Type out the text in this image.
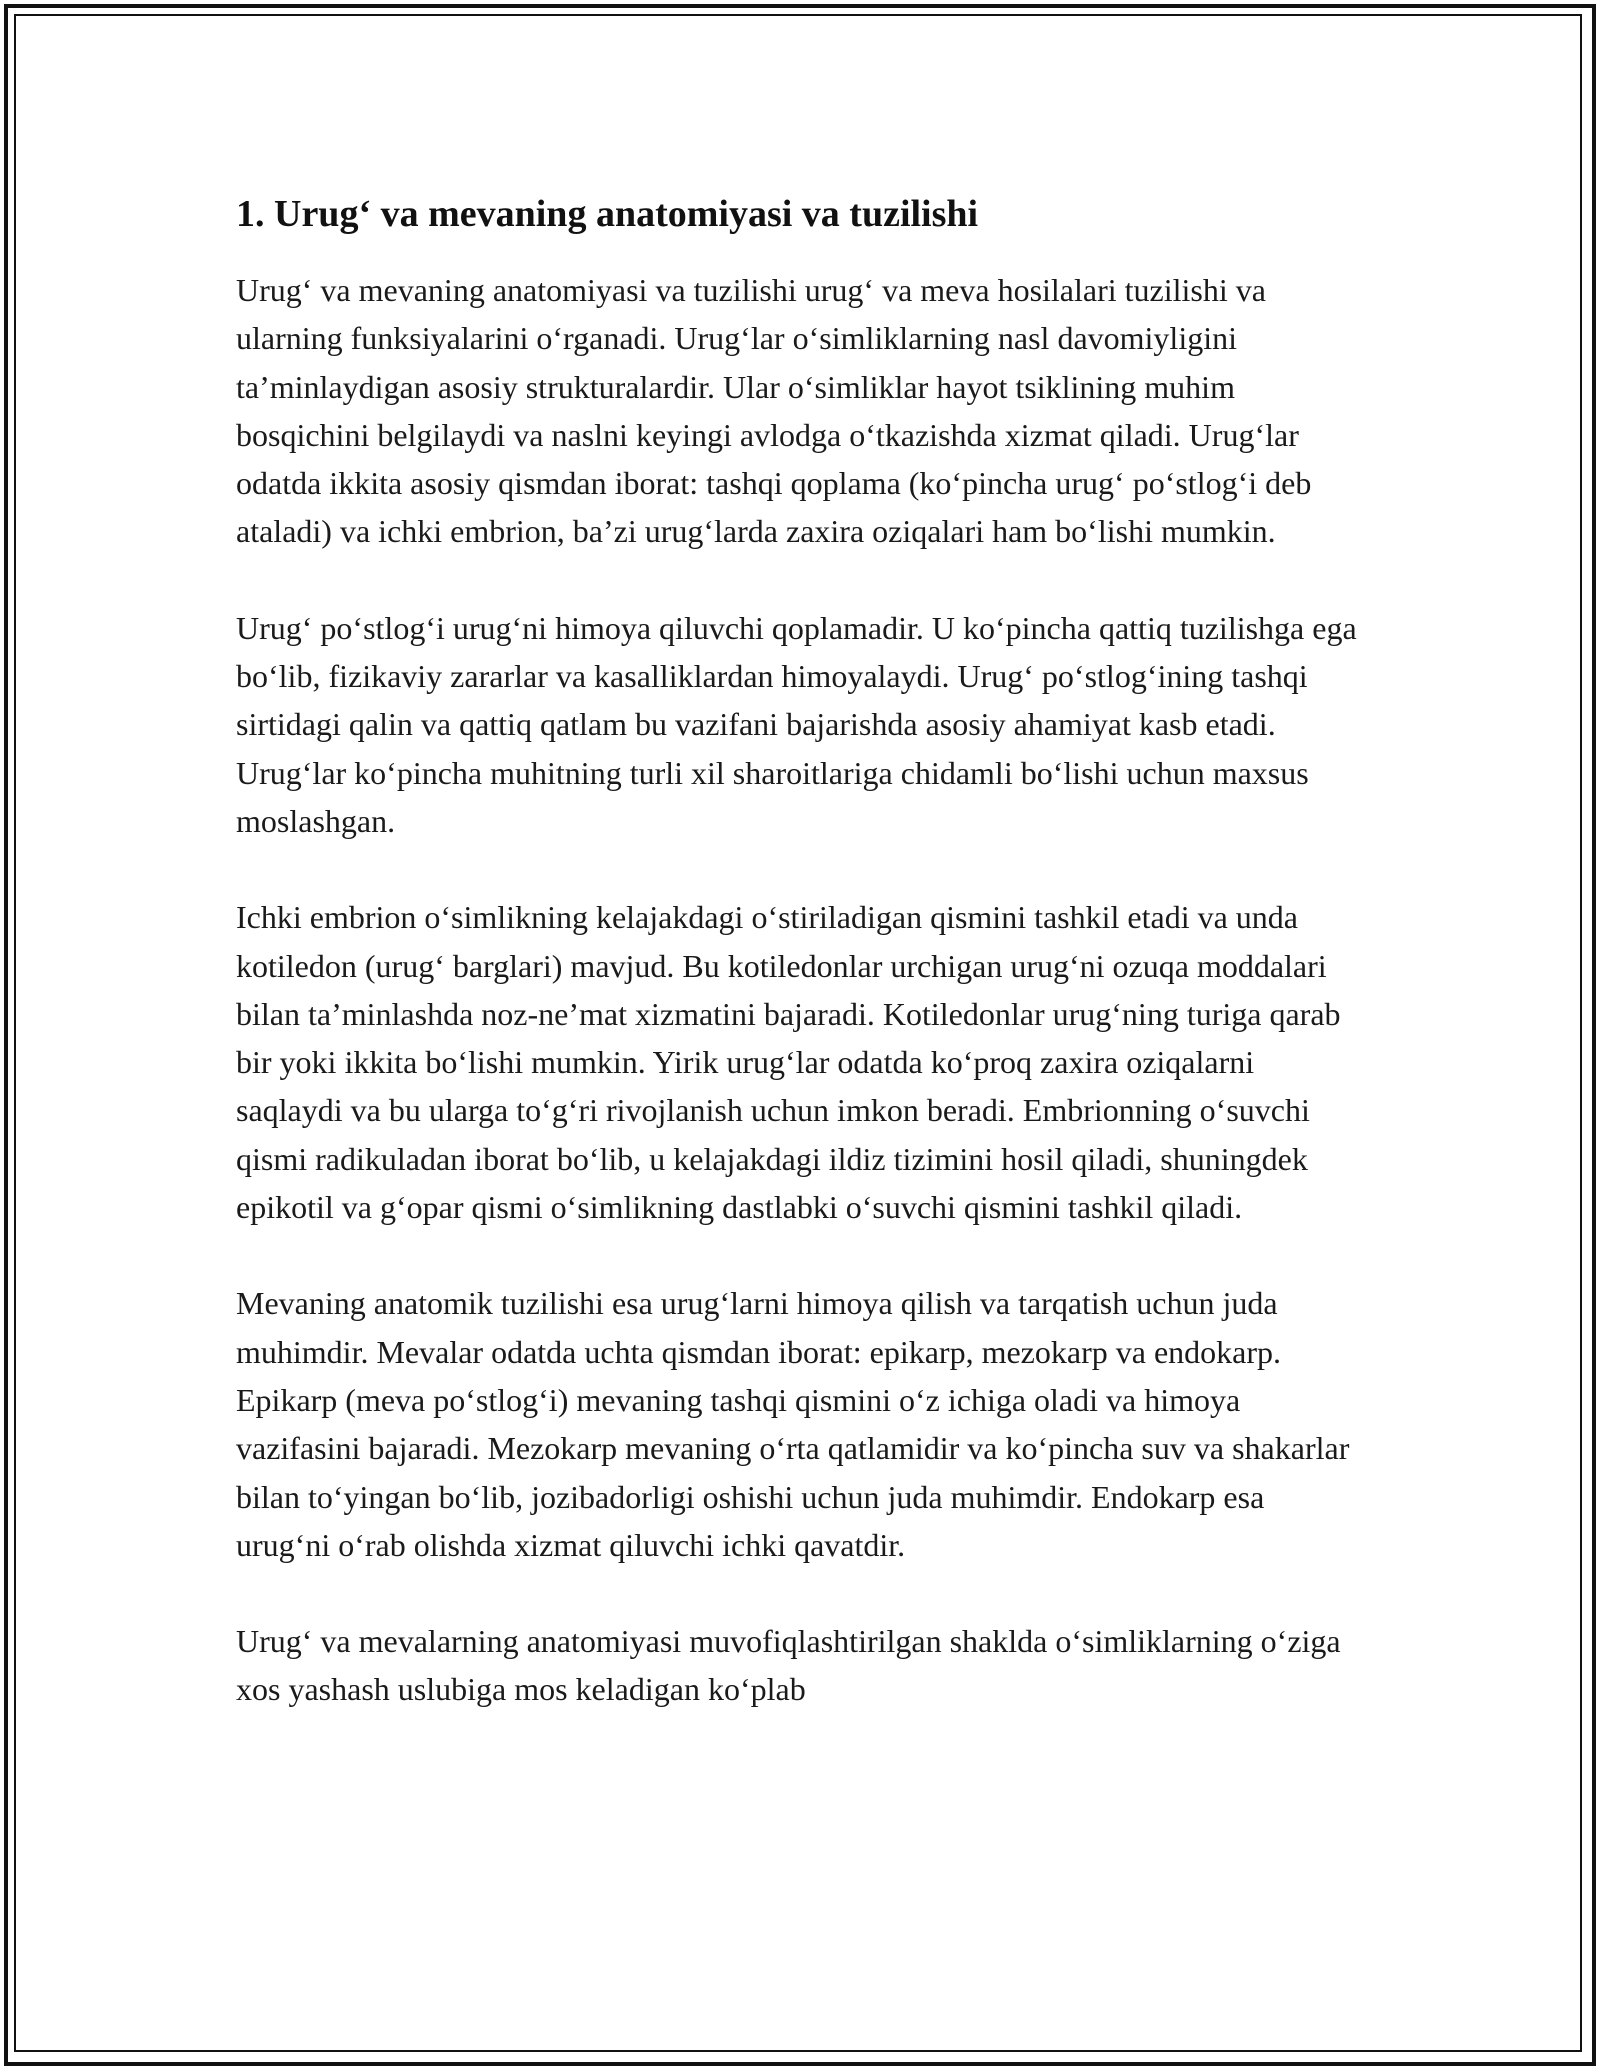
1. Urug‘ va mevaning anatomiyasi va tuzilishi

Urug‘ va mevaning anatomiyasi va tuzilishi urug‘ va meva hosilalari tuzilishi va ularning funksiyalarini o‘rganadi. Urug‘lar o‘simliklarning nasl davomiyligini ta’minlaydigan asosiy strukturalardir. Ular o‘simliklar hayot tsiklining muhim bosqichini belgilaydi va naslni keyingi avlodga o‘tkazishda xizmat qiladi. Urug‘lar odatda ikkita asosiy qismdan iborat: tashqi qoplama (ko‘pincha urug‘ po‘stlog‘i deb ataladi) va ichki embrion, ba’zi urug‘larda zaxira oziqalari ham bo‘lishi mumkin.

Urug‘ po‘stlog‘i urug‘ni himoya qiluvchi qoplamadir. U ko‘pincha qattiq tuzilishga ega bo‘lib, fizikaviy zararlar va kasalliklardan himoyalaydi. Urug‘ po‘stlog‘ining tashqi sirtidagi qalin va qattiq qatlam bu vazifani bajarishda asosiy ahamiyat kasb etadi. Urug‘lar ko‘pincha muhitning turli xil sharoitlariga chidamli bo‘lishi uchun maxsus moslashgan.

Ichki embrion o‘simlikning kelajakdagi o‘stiriladigan qismini tashkil etadi va unda kotiledon (urug‘ barglari) mavjud. Bu kotiledonlar urchigan urug‘ni ozuqa moddalari bilan ta’minlashda noz-ne’mat xizmatini bajaradi. Kotiledonlar urug‘ning turiga qarab bir yoki ikkita bo‘lishi mumkin. Yirik urug‘lar odatda ko‘proq zaxira oziqalarni saqlaydi va bu ularga to‘g‘ri rivojlanish uchun imkon beradi. Embrionning o‘suvchi qismi radikuladan iborat bo‘lib, u kelajakdagi ildiz tizimini hosil qiladi, shuningdek epikotil va g‘opar qismi o‘simlikning dastlabki o‘suvchi qismini tashkil qiladi.

Mevaning anatomik tuzilishi esa urug‘larni himoya qilish va tarqatish uchun juda muhimdir. Mevalar odatda uchta qismdan iborat: epikarp, mezokarp va endokarp. Epikarp (meva po‘stlog‘i) mevaning tashqi qismini o‘z ichiga oladi va himoya vazifasini bajaradi. Mezokarp mevaning o‘rta qatlamidir va ko‘pincha suv va shakarlar bilan to‘yingan bo‘lib, jozibadorligi oshishi uchun juda muhimdir. Endokarp esa urug‘ni o‘rab olishda xizmat qiluvchi ichki qavatdir.

Urug‘ va mevalarning anatomiyasi muvofiqlashtirilgan shaklda o‘simliklarning o‘ziga xos yashash uslubiga mos keladigan ko‘plab
